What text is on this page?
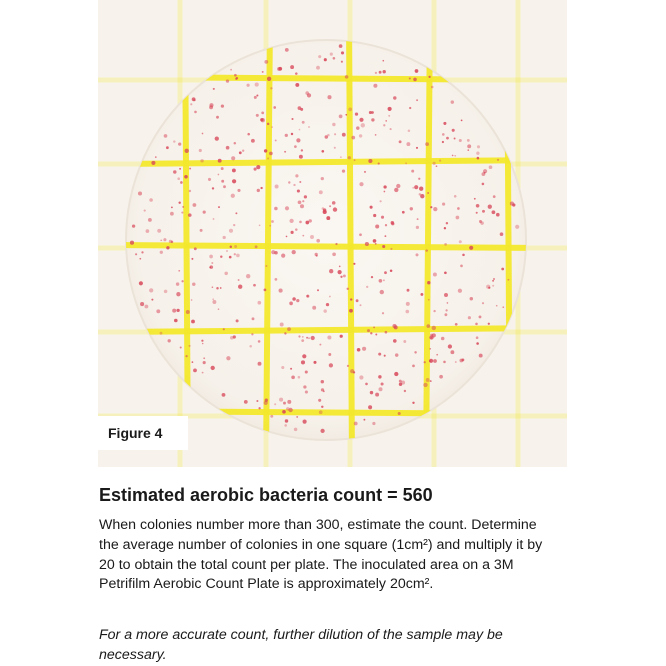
Figure 4
Estimated aerobic bacteria count = 560

When colonies number more than 300, estimate the count. Determine the average number of colonies in one square (1cm²) and multiply it by 20 to obtain the total count per plate. The inoculated area on a 3M Petrifilm Aerobic Count Plate is approximately 20cm².

For a more accurate count, further dilution of the sample may be necessary.
